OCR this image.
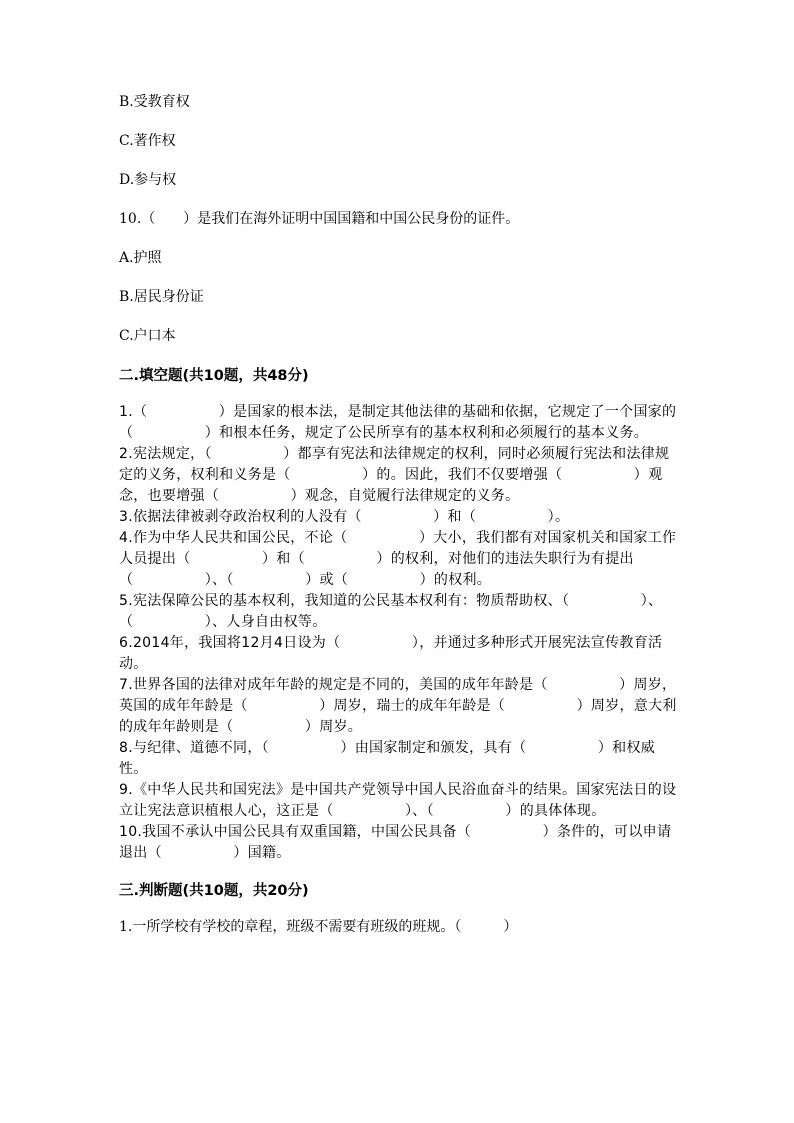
B.受教育权

C.著作权

D.参与权

10.（　　）是我们在海外证明中国国籍和中国公民身份的证件。

A.护照

B.居民身份证

C.户口本

二.填空题(共10题，共48分)

1.（　　　　　）是国家的根本法，是制定其他法律的基础和依据，它规定了一个国家的（　　　　　）和根本任务，规定了公民所享有的基本权利和必须履行的基本义务。

2.宪法规定，（　　　　　）都享有宪法和法律规定的权利，同时必须履行宪法和法律规定的义务，权利和义务是（　　　　　）的。因此，我们不仅要增强（　　　　　）观念，也要增强（　　　　　）观念，自觉履行法律规定的义务。

3.依据法律被剥夺政治权利的人没有（　　　　　）和（　　　　　）。

4.作为中华人民共和国公民，不论（　　　　　）大小，我们都有对国家机关和国家工作人员提出（　　　　　）和（　　　　　）的权利，对他们的违法失职行为有提出（　　　　　）、（　　　　　）或（　　　　　）的权利。

5.宪法保障公民的基本权利，我知道的公民基本权利有：物质帮助权、（　　　　　）、（　　　　　）、人身自由权等。

6.2014年，我国将12月4日设为（　　　　　），并通过多种形式开展宪法宣传教育活动。

7.世界各国的法律对成年年龄的规定是不同的，美国的成年年龄是（　　　　　）周岁，英国的成年年龄是（　　　　　）周岁，瑞士的成年年龄是（　　　　　）周岁，意大利的成年年龄则是（　　　　　）周岁。

8.与纪律、道德不同，（　　　　　）由国家制定和颁发，具有（　　　　　）和权威性。

9.《中华人民共和国宪法》是中国共产党领导中国人民浴血奋斗的结果。国家宪法日的设立让宪法意识植根人心，这正是（　　　　　）、（　　　　　）的具体体现。

10.我国不承认中国公民具有双重国籍，中国公民具备（　　　　　）条件的，可以申请退出（　　　　　）国籍。

三.判断题(共10题，共20分)

1.一所学校有学校的章程，班级不需要有班级的班规。（　　　）
